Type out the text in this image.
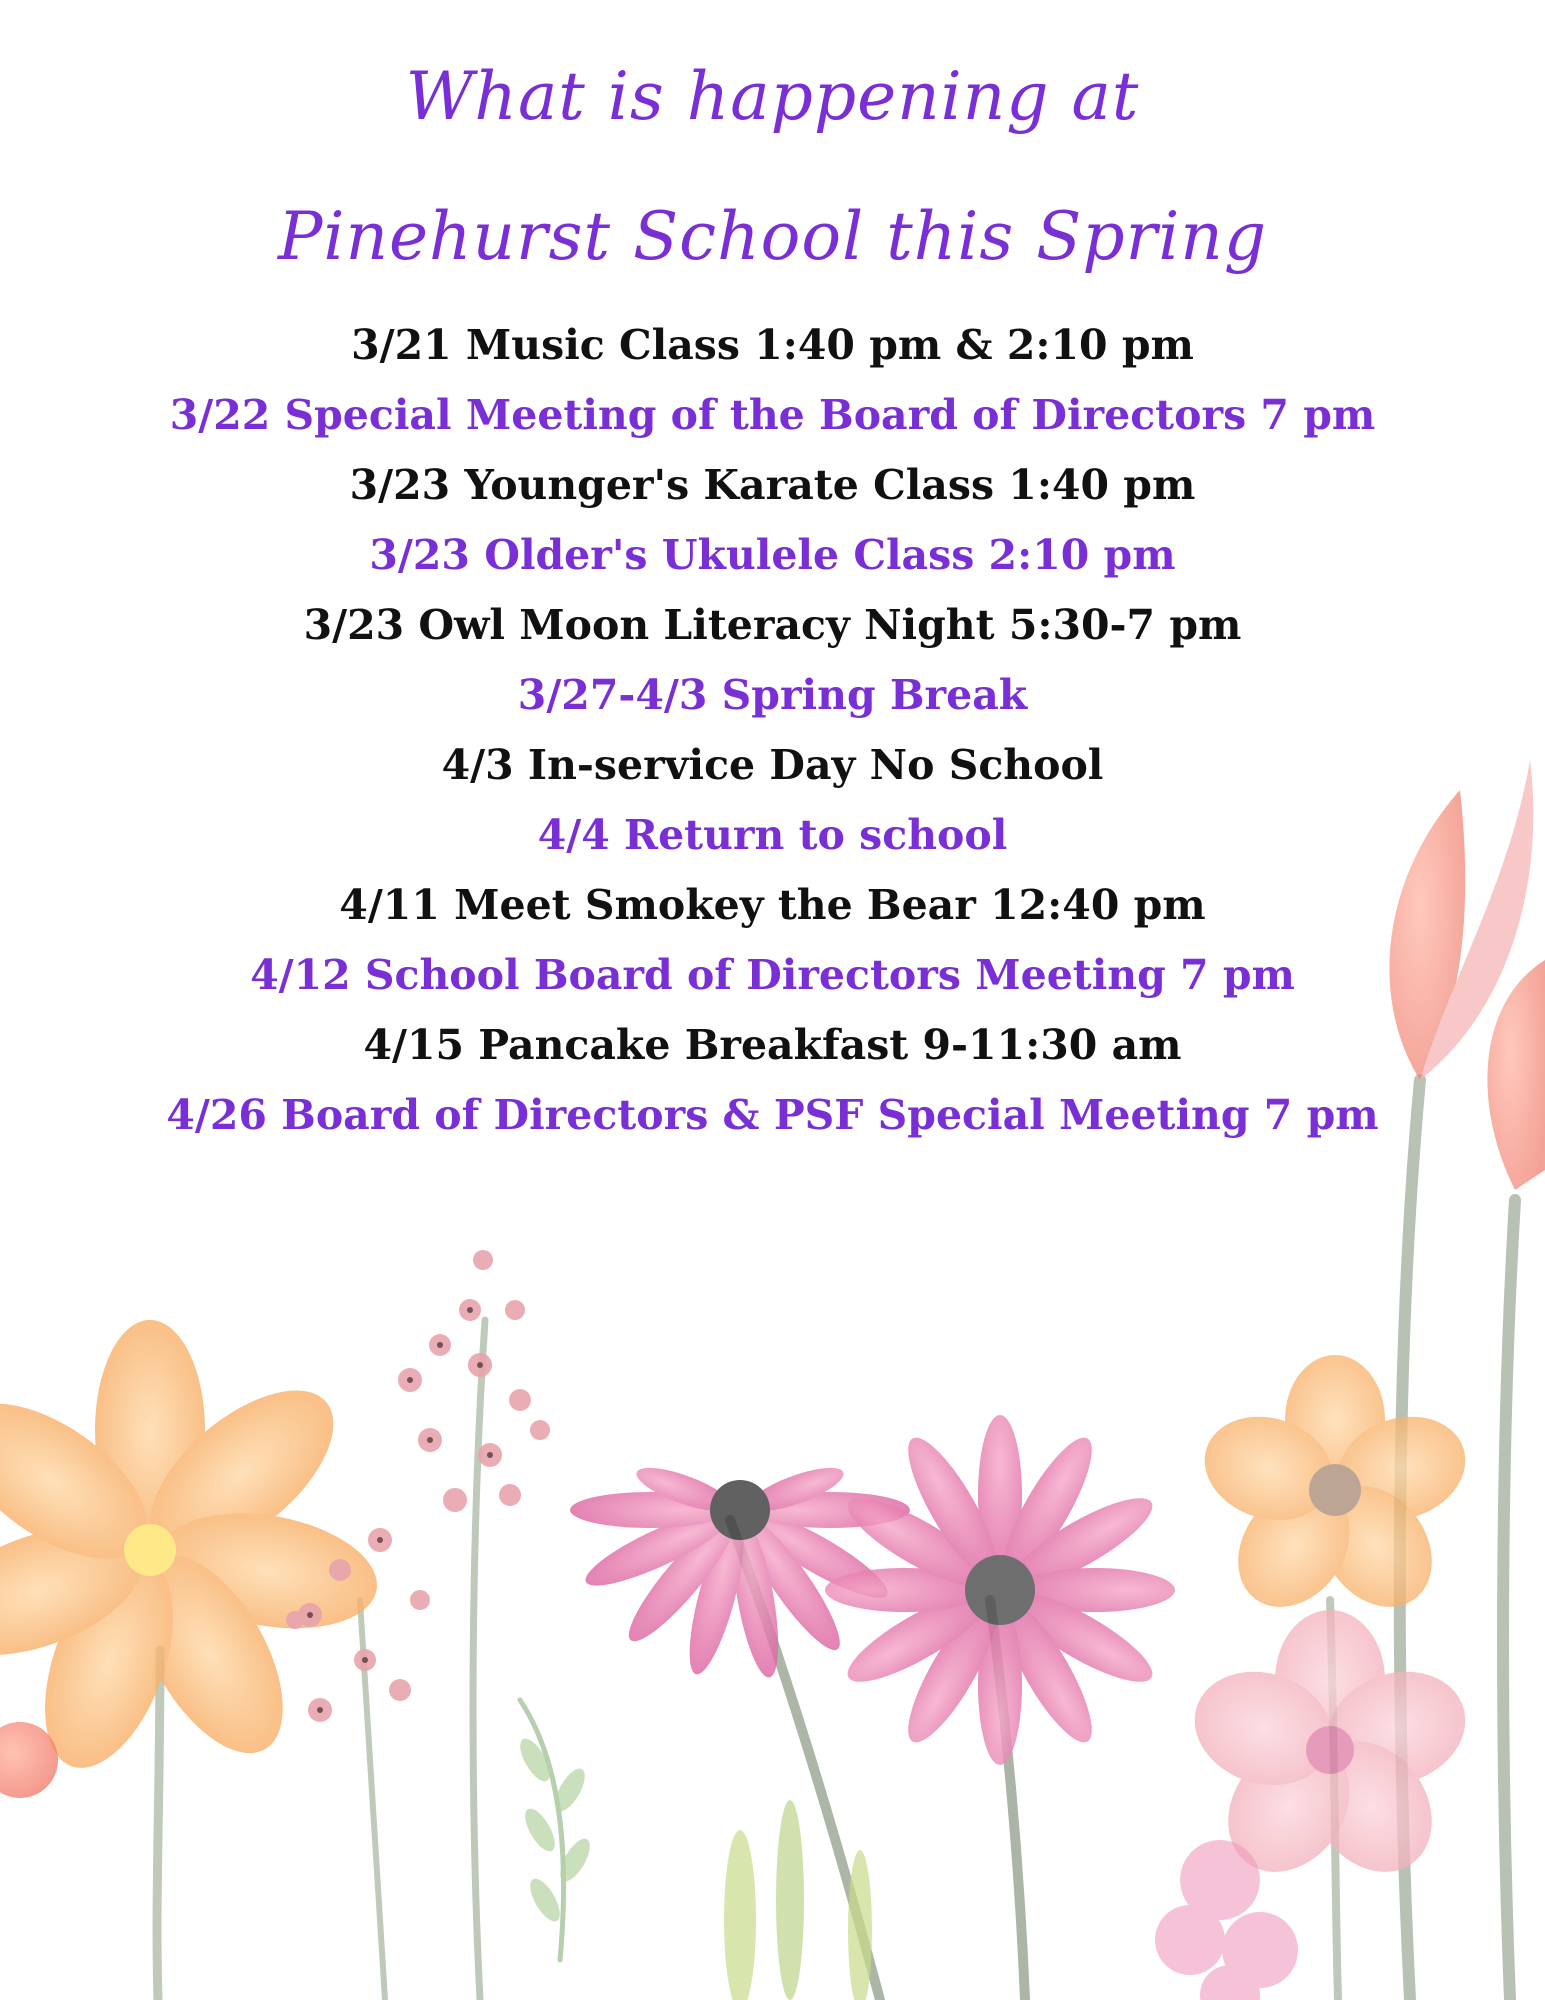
What is happening at
Pinehurst School this Spring
3/21 Music Class 1:40 pm & 2:10 pm
3/22 Special Meeting of the Board of Directors 7 pm
3/23 Younger's Karate Class 1:40 pm
3/23 Older's Ukulele Class 2:10 pm
3/23 Owl Moon Literacy Night 5:30-7 pm
3/27-4/3 Spring Break
4/3 In-service Day No School
4/4 Return to school
4/11 Meet Smokey the Bear 12:40 pm
4/12 School Board of Directors Meeting 7 pm
4/15 Pancake Breakfast 9-11:30 am
4/26 Board of Directors & PSF Special Meeting 7 pm
